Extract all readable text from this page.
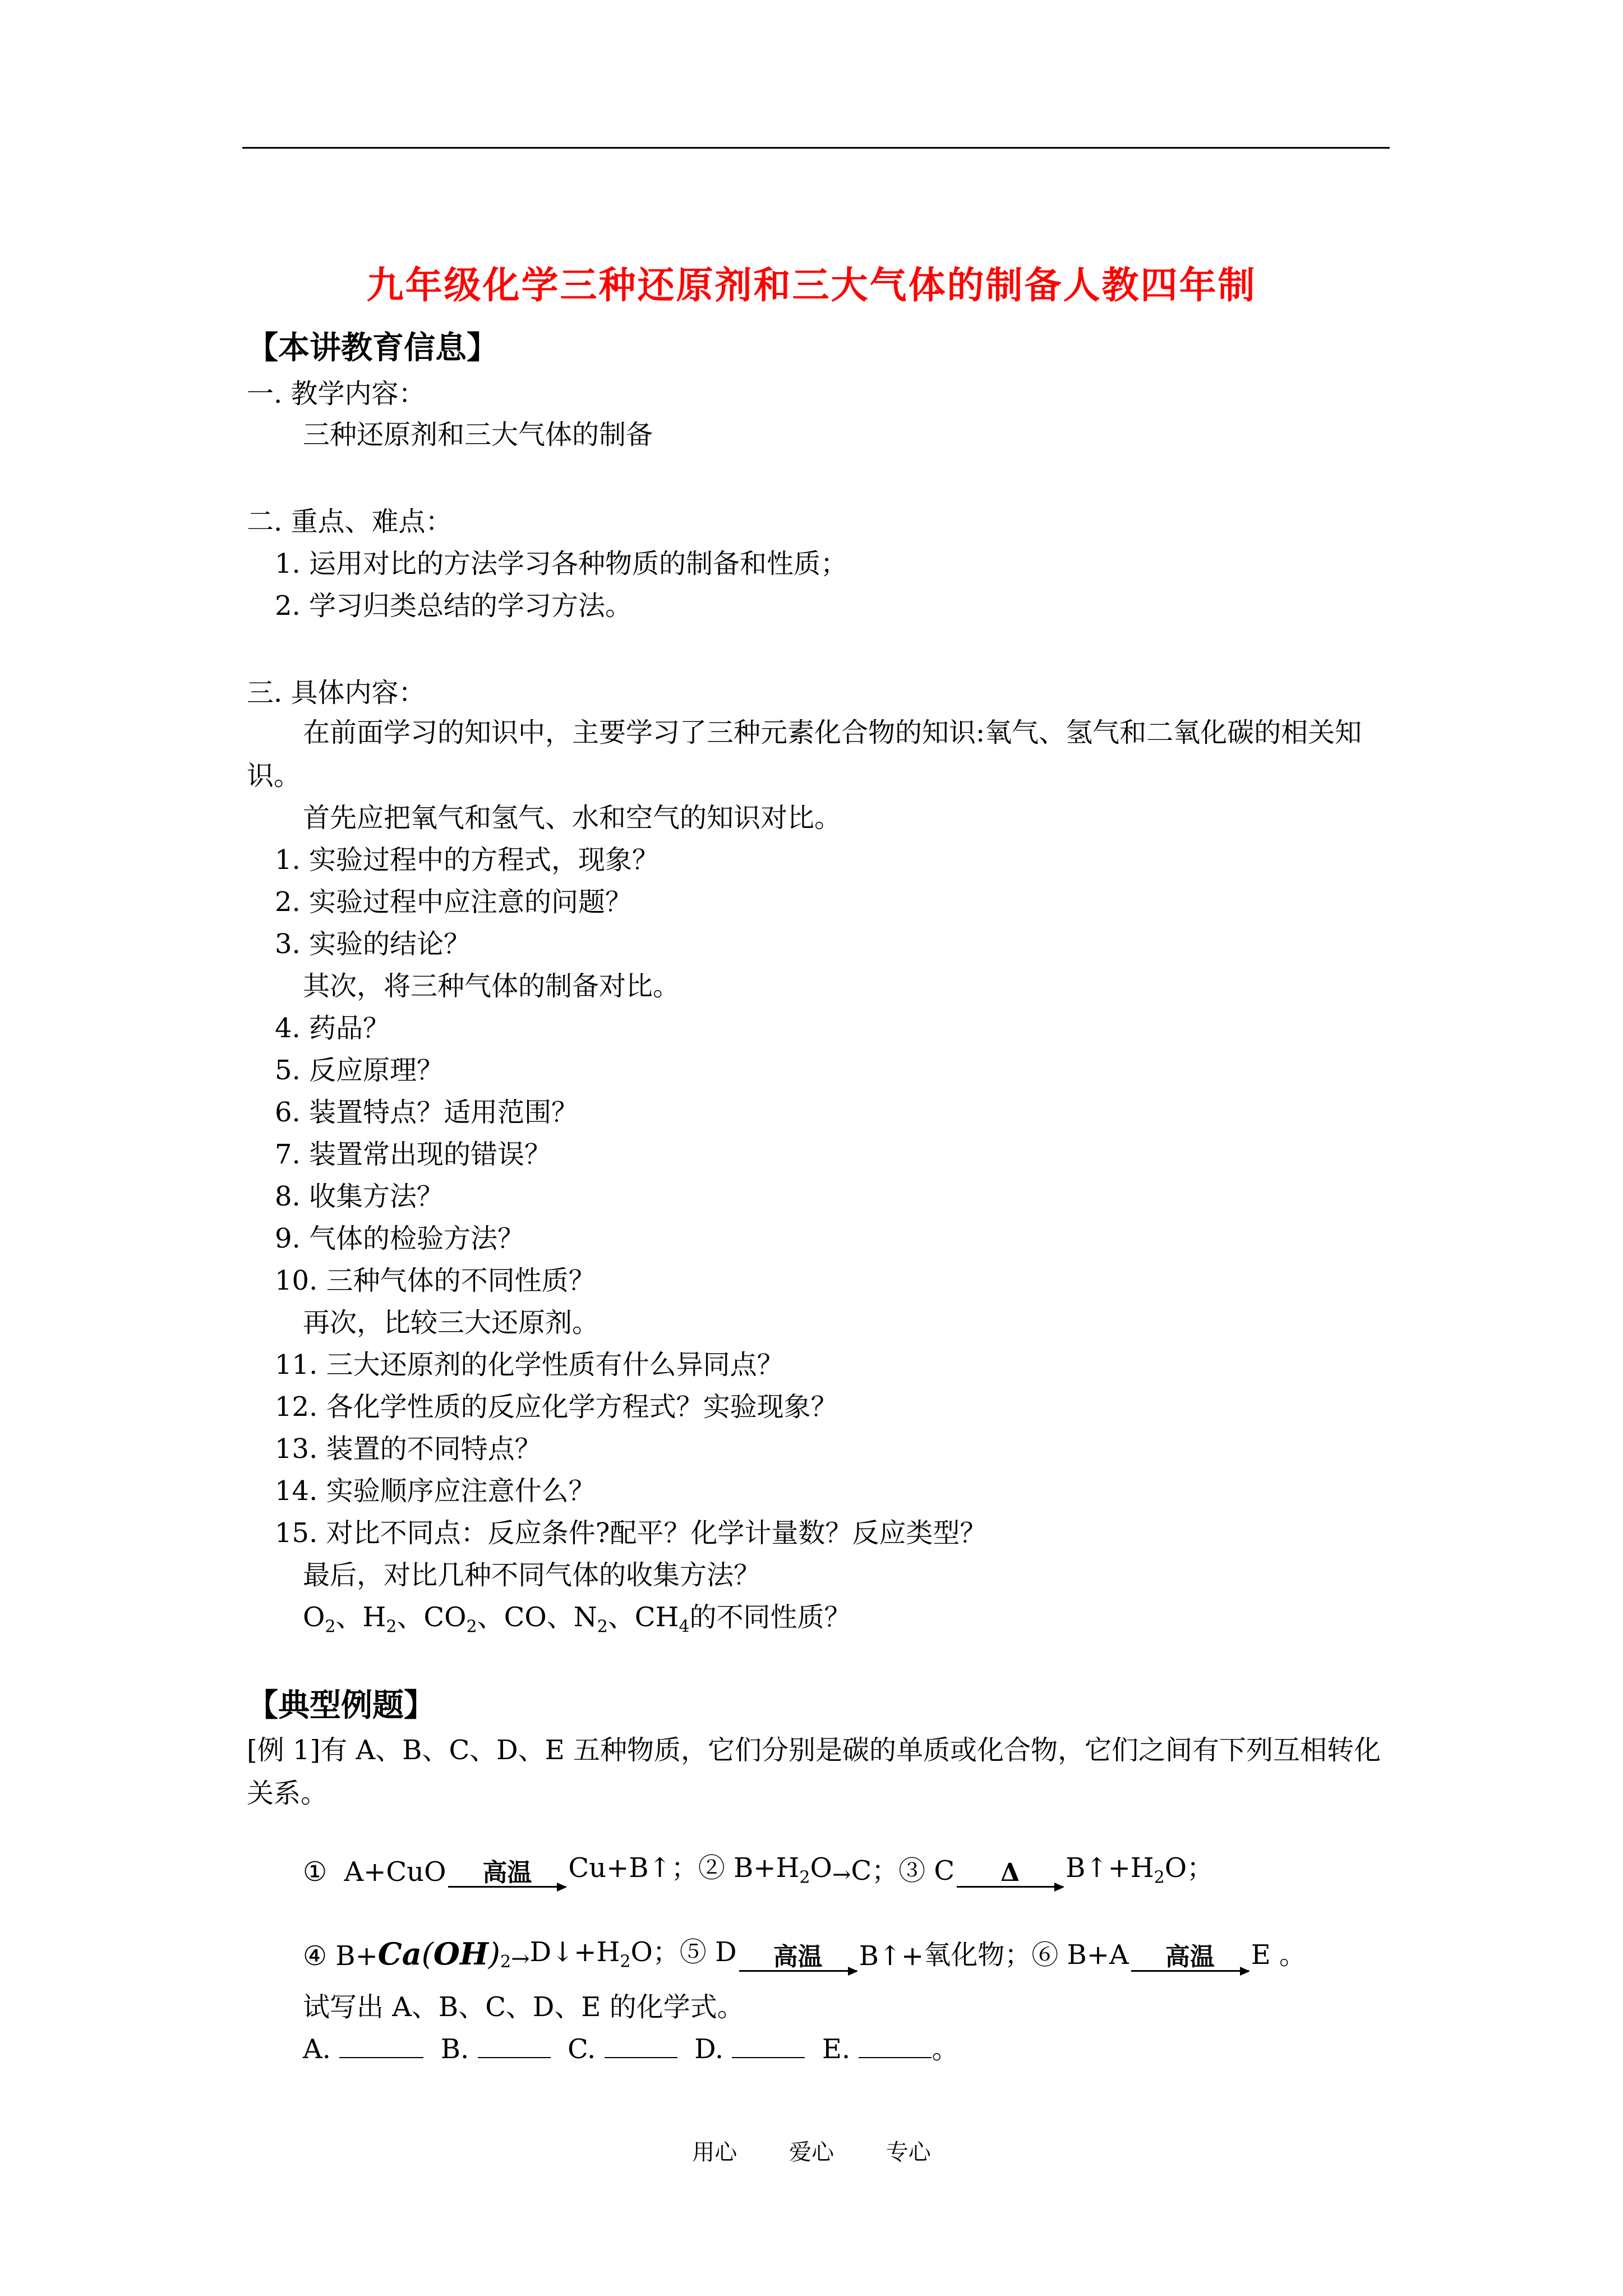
九年级化学三种还原剂和三大气体的制备人教四年制
【本讲教育信息】
一. 教学内容：
三种还原剂和三大气体的制备
二. 重点、难点：
1. 运用对比的方法学习各种物质的制备和性质；
2. 学习归类总结的学习方法。
三. 具体内容：
在前面学习的知识中，主要学习了三种元素化合物的知识:氧气、氢气和二氧化碳的相关知识。
首先应把氧气和氢气、水和空气的知识对比。
1. 实验过程中的方程式，现象？
2. 实验过程中应注意的问题？
3. 实验的结论？
其次，将三种气体的制备对比。
4. 药品？
5. 反应原理？
6. 装置特点？适用范围？
7. 装置常出现的错误？
8. 收集方法？
9. 气体的检验方法？
10. 三种气体的不同性质？
再次，比较三大还原剂。
11. 三大还原剂的化学性质有什么异同点？
12. 各化学性质的反应化学方程式？实验现象？
13. 装置的不同特点？
14. 实验顺序应注意什么？
15. 对比不同点：反应条件?配平？化学计量数？反应类型？
最后，对比几种不同气体的收集方法？
$O_2$、$H_2$、$CO_2$、CO、$N_2$、$CH_4$的不同性质？
【典型例题】
[例 1]有 A、B、C、D、E 五种物质，它们分别是碳的单质或化合物，它们之间有下列互相转化关系。
①  A+CuO	高温	Cu+B↑；② $B+H_2O \to C$；③ C	Δ	$B↑+H_2O$；
④ B+ Ca ( OH )$_2$ → $D↓+H_2O$；⑤ D	高温	B↑+ 氧化物 ；⑥ B+A	高温	E 。
试写出 A、B、C、D、E 的化学式。
A.	B.	C.	D.	E.	。
用心 爱心 专心
